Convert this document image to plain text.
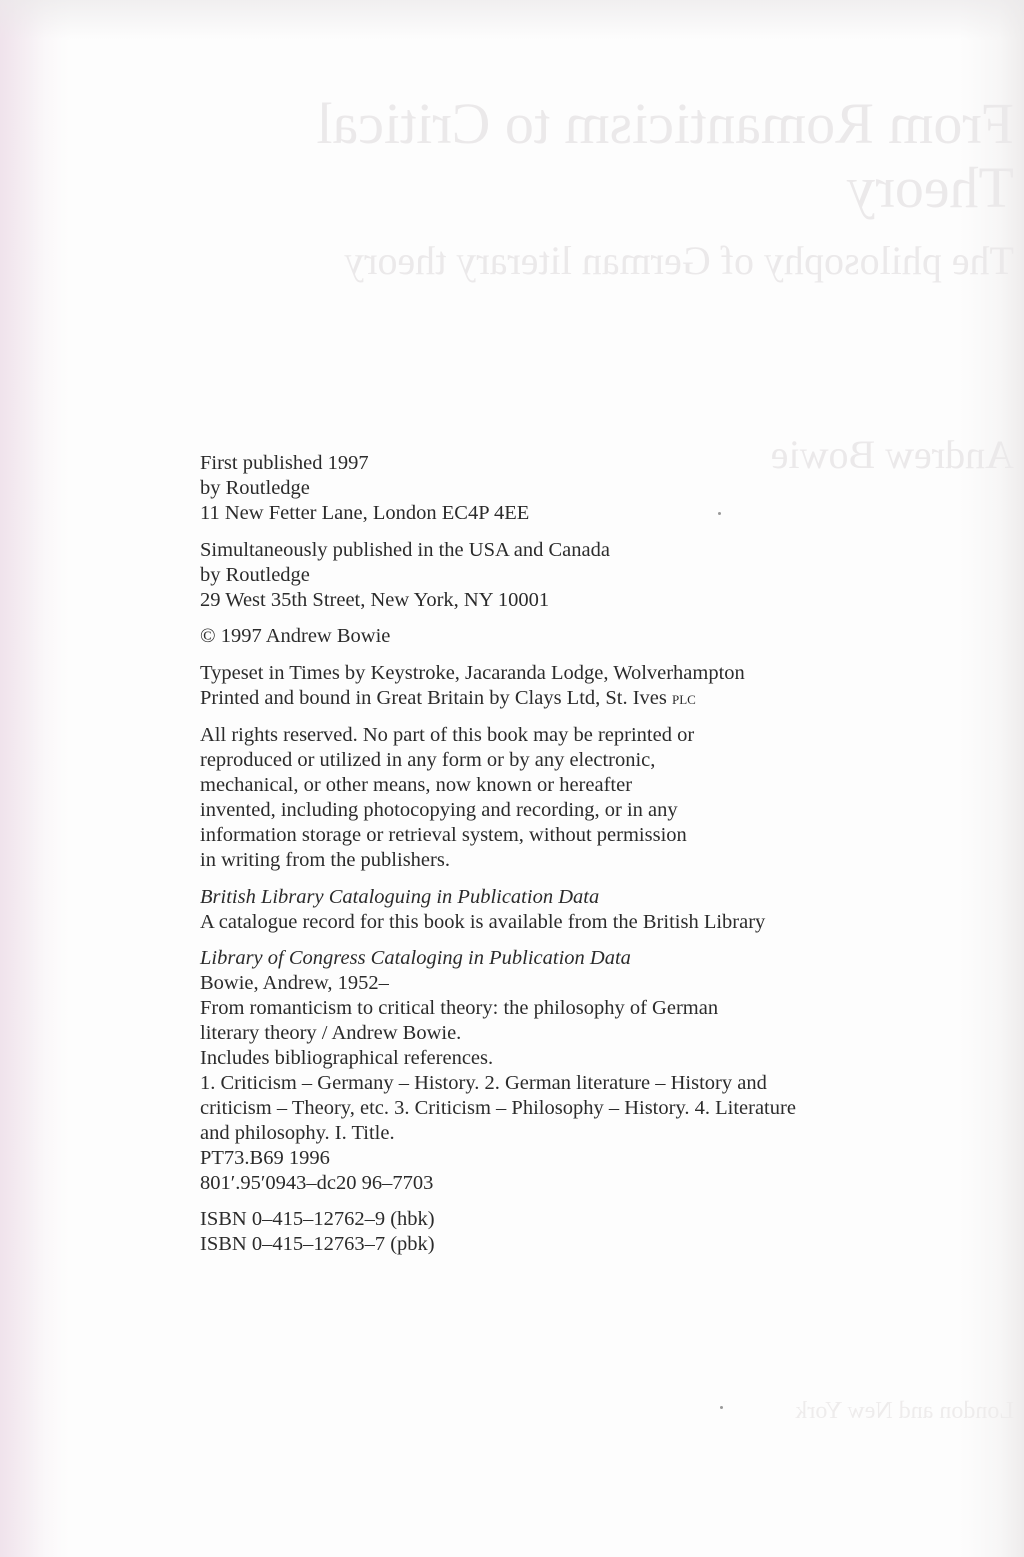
From Romanticism to Critical Theory
The philosophy of German literary theory
Andrew Bowie
London and New York
First published 1997
by Routledge
11 New Fetter Lane, London EC4P 4EE
Simultaneously published in the USA and Canada
by Routledge
29 West 35th Street, New York, NY 10001
© 1997 Andrew Bowie
Typeset in Times by Keystroke, Jacaranda Lodge, Wolverhampton
Printed and bound in Great Britain by Clays Ltd, St. Ives plc
All rights reserved. No part of this book may be reprinted or
reproduced or utilized in any form or by any electronic,
mechanical, or other means, now known or hereafter
invented, including photocopying and recording, or in any
information storage or retrieval system, without permission
in writing from the publishers.
British Library Cataloguing in Publication Data
A catalogue record for this book is available from the British Library
Library of Congress Cataloging in Publication Data
Bowie, Andrew, 1952–
From romanticism to critical theory: the philosophy of German
literary theory / Andrew Bowie.
Includes bibliographical references.
1. Criticism – Germany – History. 2. German literature – History and
criticism – Theory, etc. 3. Criticism – Philosophy – History. 4. Literature
and philosophy. I. Title.
PT73.B69 1996
801′.95′0943–dc20 96–7703
ISBN 0–415–12762–9 (hbk)
ISBN 0–415–12763–7 (pbk)
